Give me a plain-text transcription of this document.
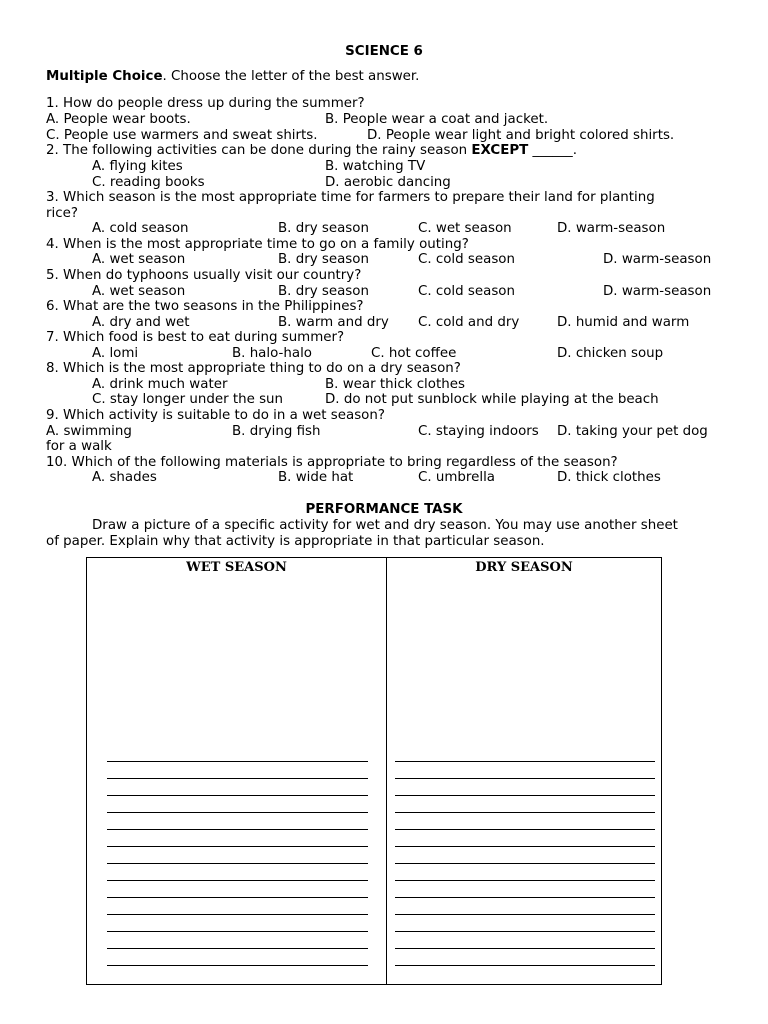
SCIENCE 6
Multiple Choice. Choose the letter of the best answer.
1. How do people dress up during the summer?
A. People wear boots.	B. People wear a coat and jacket.
C. People use warmers and sweat shirts.	D. People wear light and bright colored shirts.
2. The following activities can be done during the rainy season EXCEPT ______.
A. flying kites	B. watching TV
C. reading books	D. aerobic dancing
3. Which season is the most appropriate time for farmers to prepare their land for planting
rice?
A. cold season	B. dry season	C. wet season	D. warm-season
4. When is the most appropriate time to go on a family outing?
A. wet season	B. dry season	C. cold season	D. warm-season
5. When do typhoons usually visit our country?
A. wet season	B. dry season	C. cold season	D. warm-season
6. What are the two seasons in the Philippines?
A. dry and wet	B. warm and dry C. cold and dry	D. humid and warm
7. Which food is best to eat during summer?
A. lomi	B. halo-halo	C. hot coffee	D. chicken soup
8. Which is the most appropriate thing to do on a dry season?
A. drink much water	B. wear thick clothes
C. stay longer under the sun	D. do not put sunblock while playing at the beach
9. Which activity is suitable to do in a wet season?
A. swimming	B. drying fish	C. staying indoors D. taking your pet dog
for a walk
10. Which of the following materials is appropriate to bring regardless of the season?
A. shades	B. wide hat	C. umbrella	D. thick clothes
PERFORMANCE TASK
Draw a picture of a specific activity for wet and dry season. You may use another sheet
of paper. Explain why that activity is appropriate in that particular season.
WET SEASON	DRY SEASON
